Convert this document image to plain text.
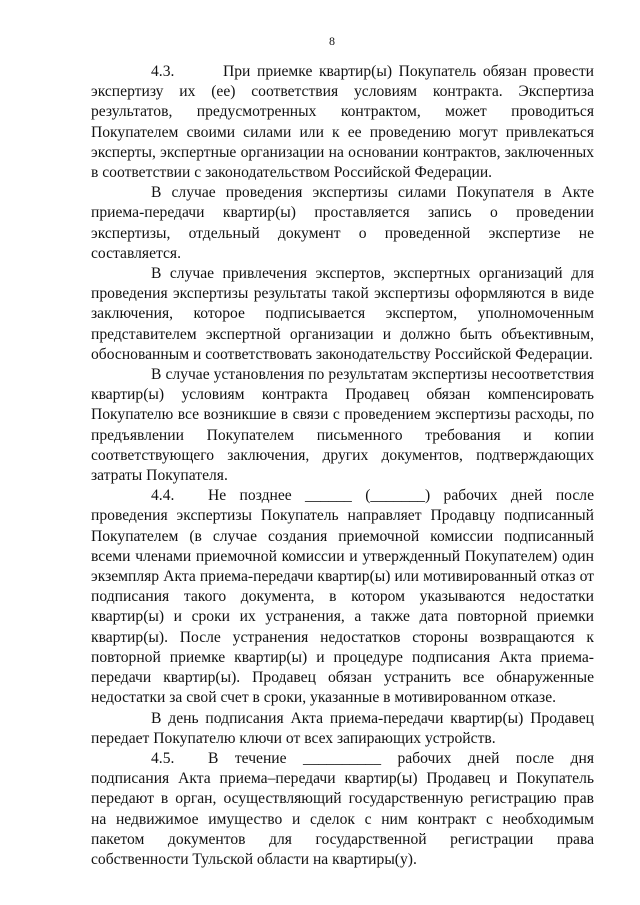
8

4.3.	При приемке квартир(ы) Покупатель обязан провести экспертизу их (ее) соответствия условиям контракта. Экспертиза результатов, предусмотренных контрактом, может проводиться Покупателем своими силами или к ее проведению могут привлекаться эксперты, экспертные организации на основании контрактов, заключенных в соответствии с законодательством Российской Федерации.

В случае проведения экспертизы силами Покупателя в Акте приема-передачи квартир(ы) проставляется запись о проведении экспертизы, отдельный документ о проведенной экспертизе не составляется.

В случае привлечения экспертов, экспертных организаций для проведения экспертизы результаты такой экспертизы оформляются в виде заключения, которое подписывается экспертом, уполномоченным представителем экспертной организации и должно быть объективным, обоснованным и соответствовать законодательству Российской Федерации.

В случае установления по результатам экспертизы несоответствия квартир(ы) условиям контракта Продавец обязан компенсировать Покупателю все возникшие в связи с проведением экспертизы расходы, по предъявлении Покупателем письменного требования и копии соответствующего заключения, других документов, подтверждающих затраты Покупателя.

4.4. Не позднее ______ (_______) рабочих дней после проведения экспертизы Покупатель направляет Продавцу подписанный Покупателем (в случае создания приемочной комиссии подписанный всеми членами приемочной комиссии и утвержденный Покупателем) один экземпляр Акта приема-передачи квартир(ы) или мотивированный отказ от подписания такого документа, в котором указываются недостатки квартир(ы) и сроки их устранения, а также дата повторной приемки квартир(ы). После устранения недостатков стороны возвращаются к повторной приемке квартир(ы) и процедуре подписания Акта приема-передачи квартир(ы). Продавец обязан устранить все обнаруженные недостатки за свой счет в сроки, указанные в мотивированном отказе.

В день подписания Акта приема-передачи квартир(ы) Продавец передает Покупателю ключи от всех запирающих устройств.

4.5. В течение __________ рабочих дней после дня подписания Акта приема–передачи квартир(ы) Продавец и Покупатель передают в орган, осуществляющий государственную регистрацию прав на недвижимое имущество и сделок с ним контракт с необходимым пакетом документов для государственной регистрации права собственности Тульской области на квартиры(у).
